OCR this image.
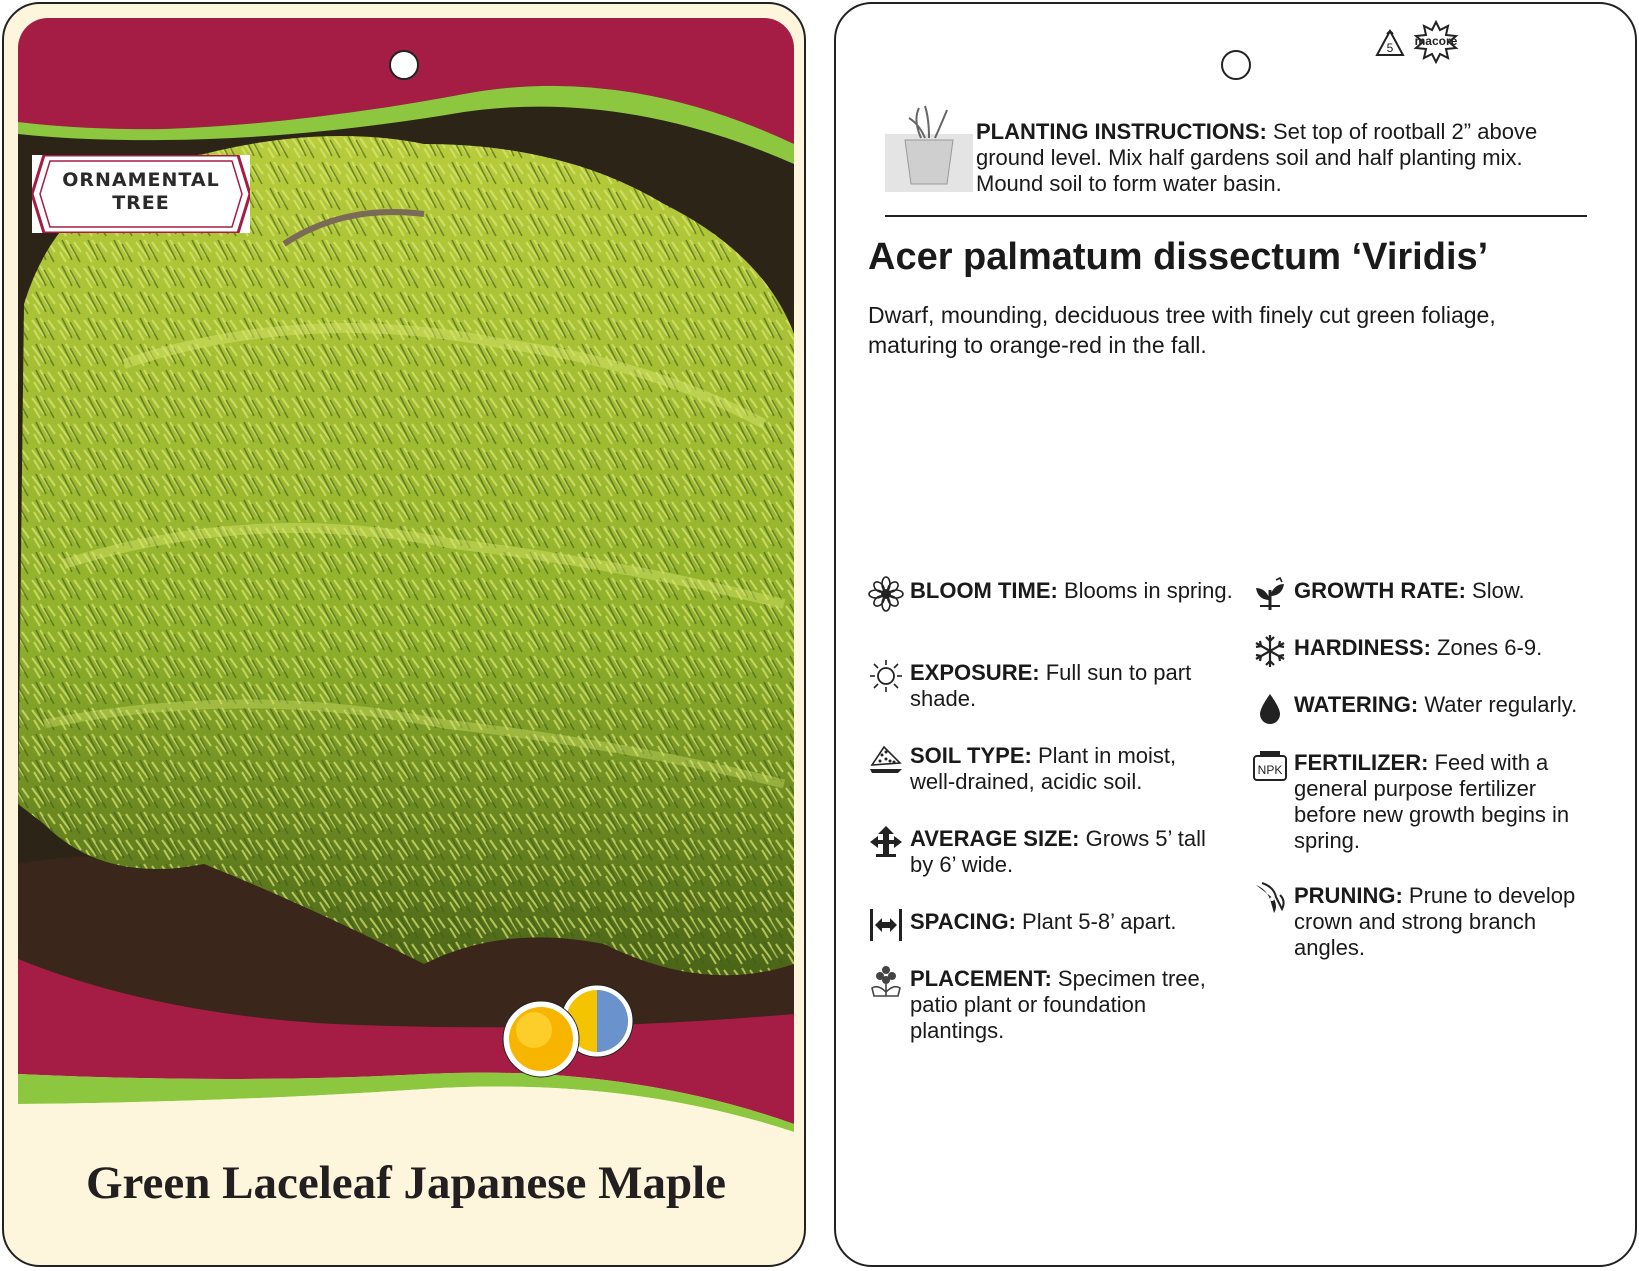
ORNAMENTAL
TREE
Green Laceleaf Japanese Maple
5 macore
PLANTING INSTRUCTIONS: Set top of rootball 2” above ground level. Mix half gardens soil and half planting mix. Mound soil to form water basin.
Acer palmatum dissectum ‘Viridis’
Dwarf, mounding, deciduous tree with finely cut green foliage, maturing to orange-red in the fall.
BLOOM TIME: Blooms in spring.
EXPOSURE: Full sun to part shade.
SOIL TYPE: Plant in moist, well-drained, acidic soil.
AVERAGE SIZE: Grows 5’ tall by 6’ wide.
SPACING: Plant 5-8’ apart.
PLACEMENT: Specimen tree, patio plant or foundation plantings.
GROWTH RATE: Slow.
HARDINESS: Zones 6-9.
WATERING: Water regularly.
NPK FERTILIZER: Feed with a general purpose fertilizer before new growth begins in spring.
PRUNING: Prune to develop crown and strong branch angles.
